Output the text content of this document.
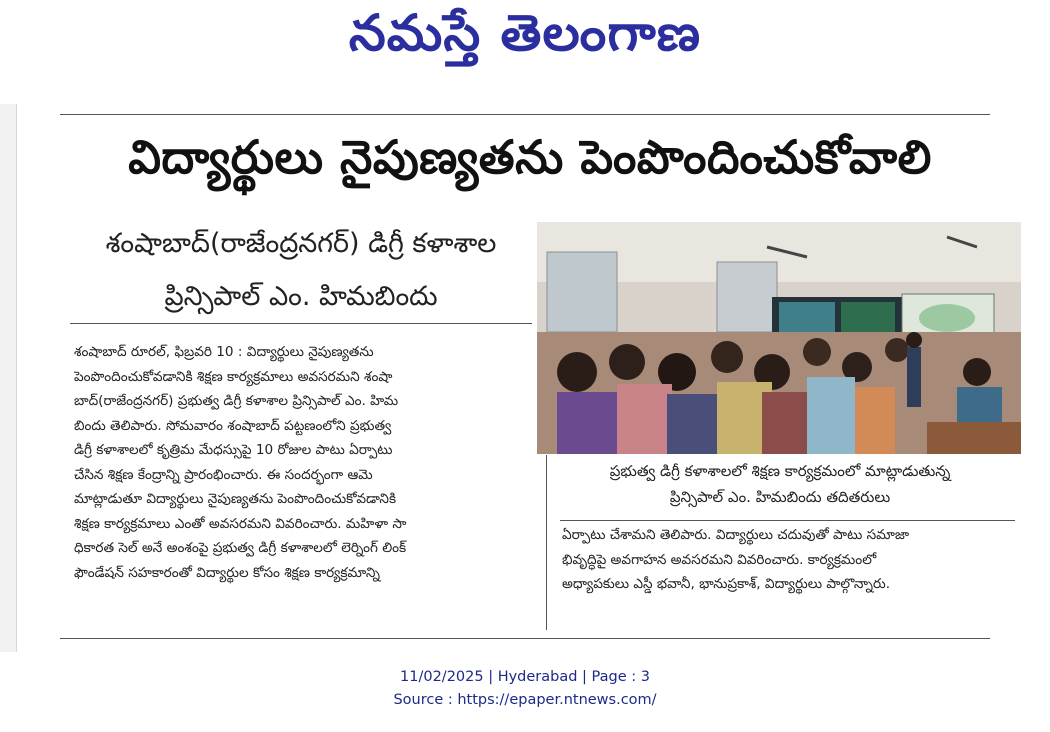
నమస్తే తెలంగాణ
విద్యార్థులు నైపుణ్యతను పెంపొందించుకోవాలి
శంషాబాద్(రాజేంద్రనగర్) డిగ్రీ కళాశాల
ప్రిన్సిపాల్ ఎం. హిమబిందు
శంషాబాద్ రూరల్, ఫిబ్రవరి 10 : విద్యార్థులు నైపుణ్యతను
పెంపొందించుకోవడానికి శిక్షణ కార్యక్రమాలు అవసరమని శంషా
బాద్(రాజేంద్రనగర్) ప్రభుత్వ డిగ్రీ కళాశాల ప్రిన్సిపాల్ ఎం. హిమ
బిందు తెలిపారు. సోమవారం శంషాబాద్ పట్టణంలోని ప్రభుత్వ
డిగ్రీ కళాశాలలో కృత్రిమ మేధస్సుపై 10 రోజుల పాటు ఏర్పాటు
చేసిన శిక్షణ కేంద్రాన్ని ప్రారంభించారు. ఈ సందర్భంగా ఆమె
మాట్లాడుతూ విద్యార్థులు నైపుణ్యతను పెంపొందించుకోవడానికి
శిక్షణ కార్యక్రమాలు ఎంతో అవసరమని వివరించారు. మహిళా సా
ధికారత సెల్ అనే అంశంపై ప్రభుత్వ డిగ్రీ కళాశాలలో లెర్నింగ్ లింక్
ఫౌండేషన్ సహకారంతో విద్యార్థుల కోసం శిక్షణ కార్యక్రమాన్ని
ప్రభుత్వ డిగ్రీ కళాశాలలో శిక్షణ కార్యక్రమంలో మాట్లాడుతున్న
ప్రిన్సిపాల్ ఎం. హిమబిందు తదితరులు
ఏర్పాటు చేశామని తెలిపారు. విద్యార్థులు చదువుతో పాటు సమాజా
భివృద్ధిపై అవగాహన అవసరమని వివరించారు. కార్యక్రమంలో
అధ్యాపకులు ఎస్డీ భవానీ, భానుప్రకాశ్, విద్యార్థులు పాల్గొన్నారు.
11/02/2025 | Hyderabad | Page : 3
Source : https://epaper.ntnews.com/
